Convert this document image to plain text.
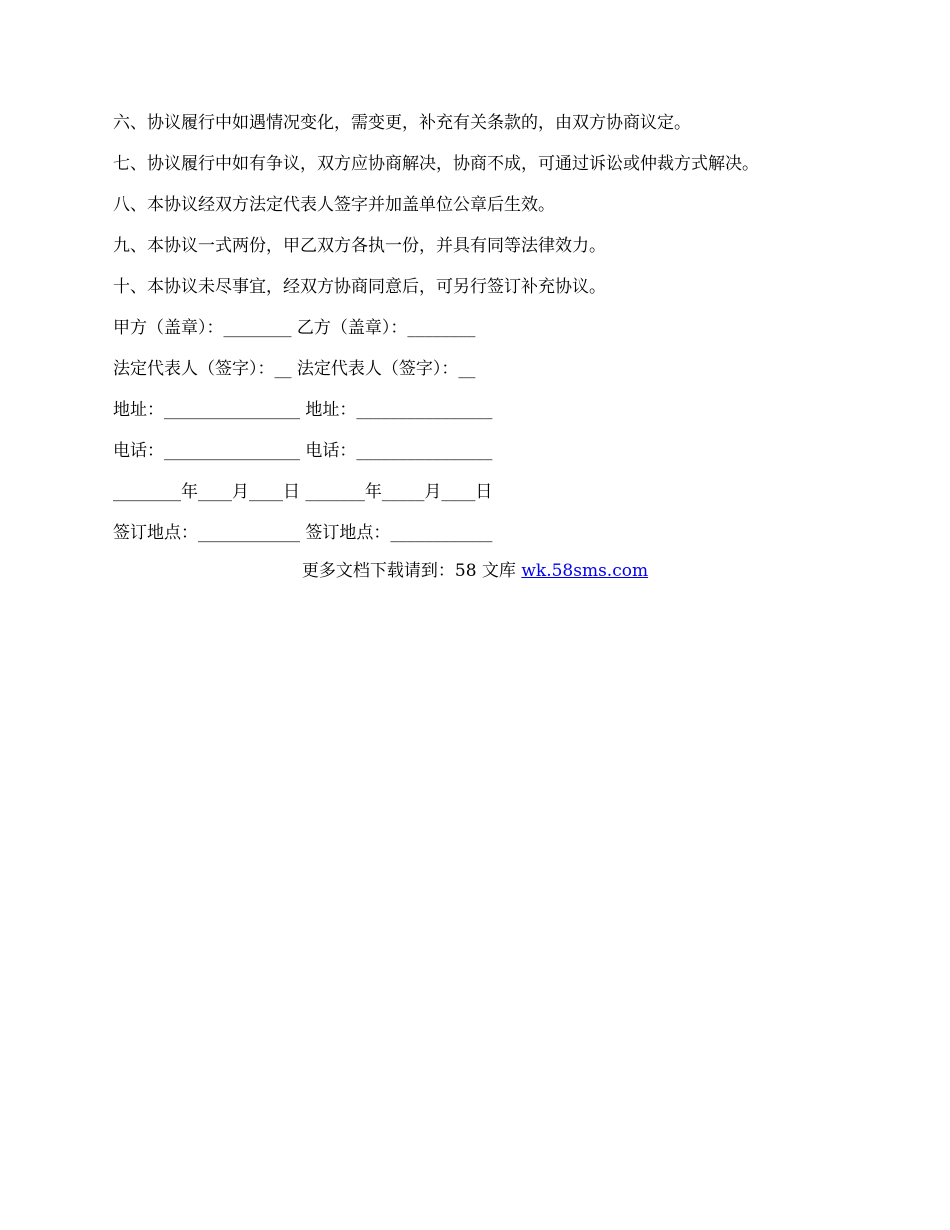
六、协议履行中如遇情况变化，需变更，补充有关条款的，由双方协商议定。
七、协议履行中如有争议，双方应协商解决，协商不成，可通过诉讼或仲裁方式解决。
八、本协议经双方法定代表人签字并加盖单位公章后生效。
九、本协议一式两份，甲乙双方各执一份，并具有同等法律效力。
十、本协议未尽事宜，经双方协商同意后，可另行签订补充协议。
甲方（盖章）：________ 乙方（盖章）：________
法定代表人（签字）：__ 法定代表人（签字）：__
地址：________________ 地址：________________
电话：________________ 电话：________________
________年____月____日 _______年_____月____日
签订地点：____________ 签订地点：____________
更多文档下载请到：58 文库 wk.58sms.com
